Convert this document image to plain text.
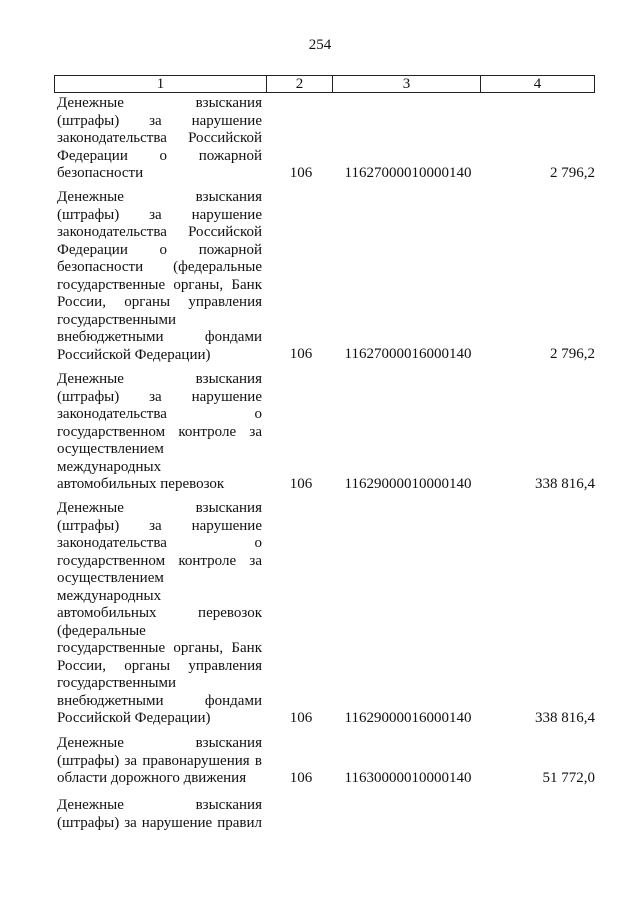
254
1	2	3	4
Денежные взыскания
(штрафы) за нарушение
законодательства Российской
Федерации о пожарной
безопасности	106	11627000010000140	2 796,2
Денежные взыскания
(штрафы) за нарушение
законодательства Российской
Федерации о пожарной
безопасности (федеральные
государственные органы, Банк
России, органы управления
государственными
внебюджетными фондами
Российской Федерации)	106	11627000016000140	2 796,2
Денежные взыскания
(штрафы) за нарушение
законодательства о
государственном контроле за
осуществлением
международных
автомобильных перевозок	106	11629000010000140	338 816,4
Денежные взыскания
(штрафы) за нарушение
законодательства о
государственном контроле за
осуществлением
международных
автомобильных перевозок
(федеральные
государственные органы, Банк
России, органы управления
государственными
внебюджетными фондами
Российской Федерации)	106	11629000016000140	338 816,4
Денежные взыскания
(штрафы) за правонарушения в
области дорожного движения	106	11630000010000140	51 772,0
Денежные взыскания
(штрафы) за нарушение правил
